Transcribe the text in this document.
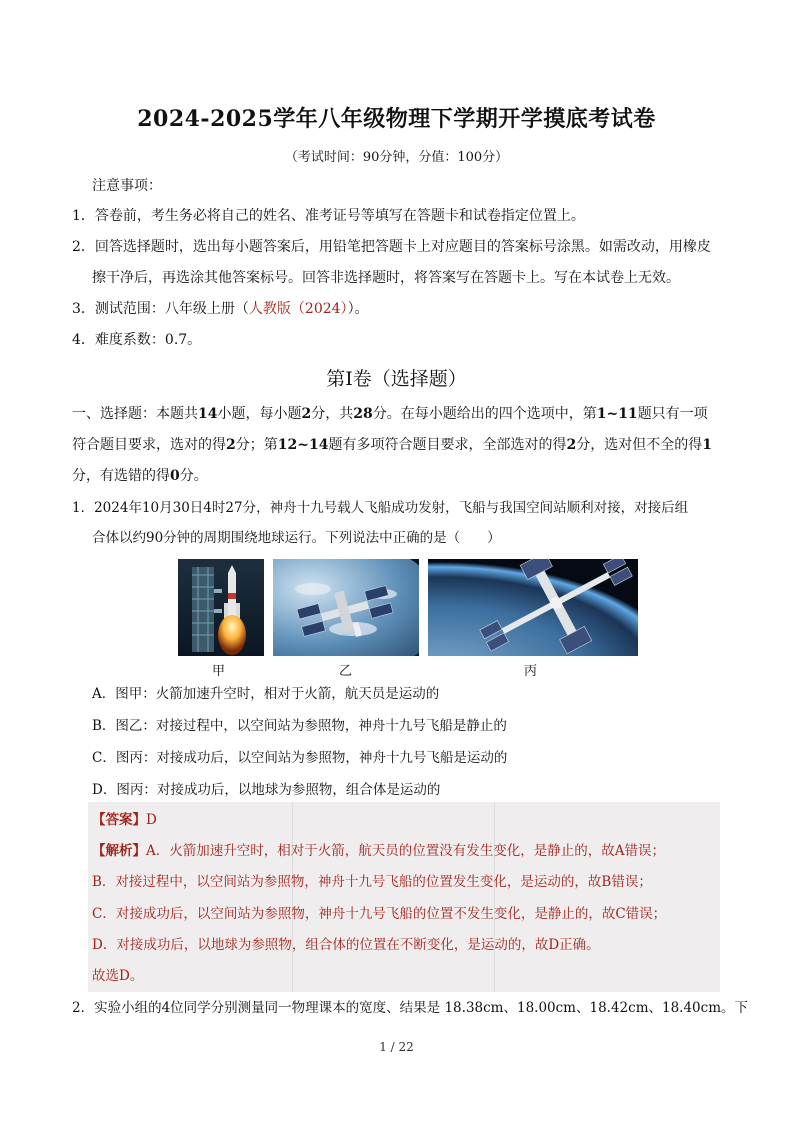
2024-2025学年八年级物理下学期开学摸底考试卷
（考试时间：90分钟，分值：100分）
注意事项：
1．答卷前，考生务必将自己的姓名、准考证号等填写在答题卡和试卷指定位置上。
2．回答选择题时，选出每小题答案后，用铅笔把答题卡上对应题目的答案标号涂黑。如需改动，用橡皮
擦干净后，再选涂其他答案标号。回答非选择题时，将答案写在答题卡上。写在本试卷上无效。
3．测试范围：八年级上册（人教版（2024））。
4．难度系数：0.7。
第Ⅰ卷（选择题）
一、选择题：本题共14小题，每小题2分，共28分。在每小题给出的四个选项中，第1~11题只有一项
符合题目要求，选对的得2分；第12~14题有多项符合题目要求，全部选对的得2分，选对但不全的得1
分，有选错的得0分。
1．2024年10月30日4时27分，神舟十九号载人飞船成功发射，飞船与我国空间站顺利对接，对接后组
合体以约90分钟的周期围绕地球运行。下列说法中正确的是（　　）
甲	乙	丙
A．图甲：火箭加速升空时，相对于火箭，航天员是运动的
B．图乙：对接过程中，以空间站为参照物，神舟十九号飞船是静止的
C．图丙：对接成功后，以空间站为参照物，神舟十九号飞船是运动的
D．图丙：对接成功后，以地球为参照物，组合体是运动的
【答案】D
【解析】A．火箭加速升空时，相对于火箭，航天员的位置没有发生变化，是静止的，故A错误；
B．对接过程中，以空间站为参照物，神舟十九号飞船的位置发生变化，是运动的，故B错误；
C．对接成功后，以空间站为参照物，神舟十九号飞船的位置不发生变化，是静止的，故C错误；
D．对接成功后，以地球为参照物，组合体的位置在不断变化，是运动的，故D正确。
故选D。
2．实验小组的4位同学分别测量同一物理课本的宽度、结果是 18.38cm、18.00cm、18.42cm、18.40cm。下
1 / 22
